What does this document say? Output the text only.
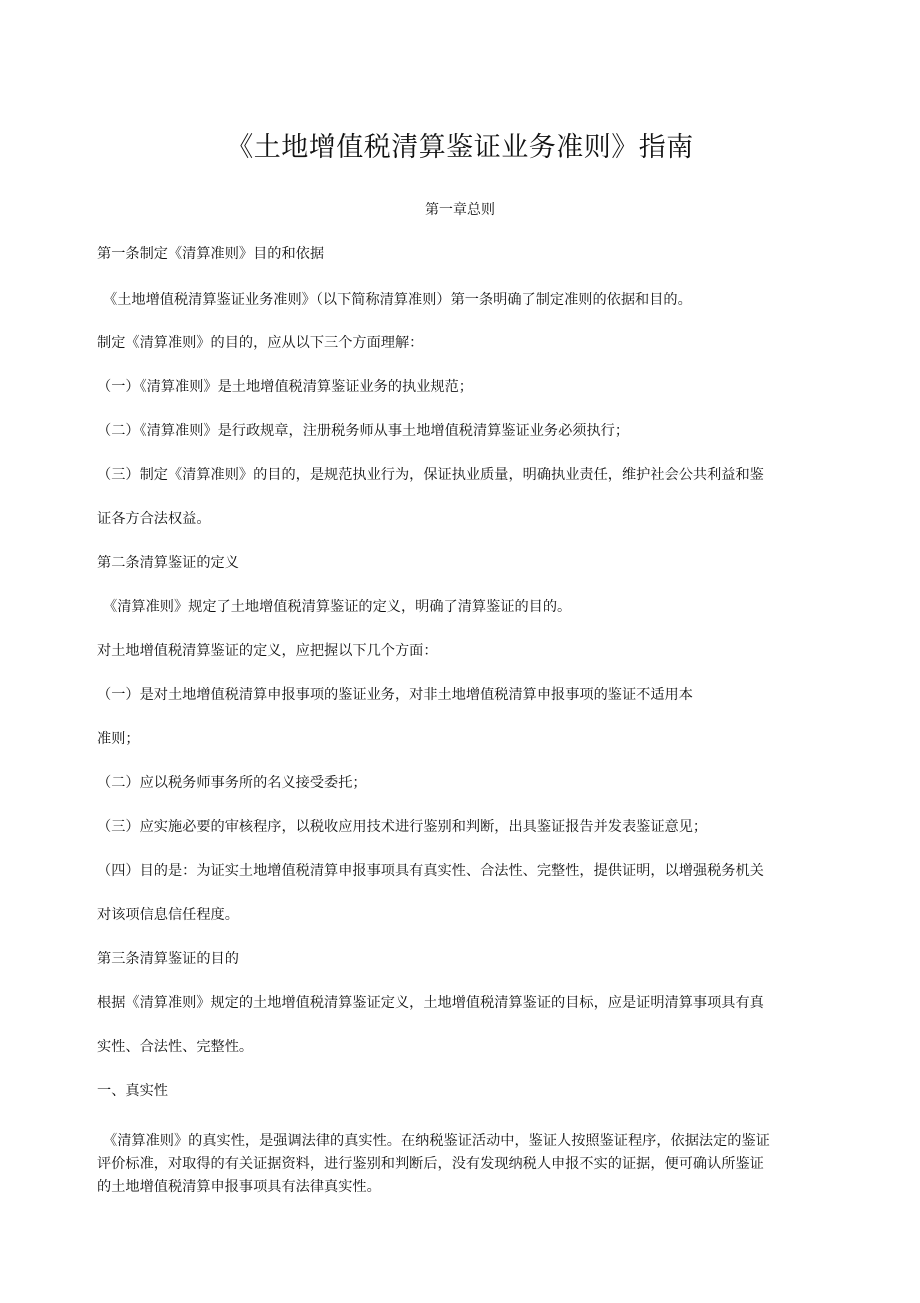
《土地增值税清算鉴证业务准则》指南
第一章总则
第一条制定《清算准则》目的和依据
《土地增值税清算鉴证业务准则》（以下简称清算准则）第一条明确了制定准则的依据和目的。
制定《清算准则》的目的，应从以下三个方面理解：
（一）《清算准则》是土地增值税清算鉴证业务的执业规范；
（二）《清算准则》是行政规章，注册税务师从事土地增值税清算鉴证业务必须执行；
（三）制定《清算准则》的目的，是规范执业行为，保证执业质量，明确执业责任，维护社会公共利益和鉴
证各方合法权益。
第二条清算鉴证的定义
《清算准则》规定了土地增值税清算鉴证的定义，明确了清算鉴证的目的。
对土地增值税清算鉴证的定义，应把握以下几个方面：
（一）是对土地增值税清算申报事项的鉴证业务，对非土地增值税清算申报事项的鉴证不适用本
准则；
（二）应以税务师事务所的名义接受委托；
（三）应实施必要的审核程序，以税收应用技术进行鉴别和判断，出具鉴证报告并发表鉴证意见；
（四）目的是：为证实土地增值税清算申报事项具有真实性、合法性、完整性，提供证明，以增强税务机关
对该项信息信任程度。
第三条清算鉴证的目的
根据《清算准则》规定的土地增值税清算鉴证定义，土地增值税清算鉴证的目标，应是证明清算事项具有真
实性、合法性、完整性。
一、真实性
《清算准则》的真实性，是强调法律的真实性。在纳税鉴证活动中，鉴证人按照鉴证程序，依据法定的鉴证
评价标准，对取得的有关证据资料，进行鉴别和判断后，没有发现纳税人申报不实的证据，便可确认所鉴证
的土地增值税清算申报事项具有法律真实性。
